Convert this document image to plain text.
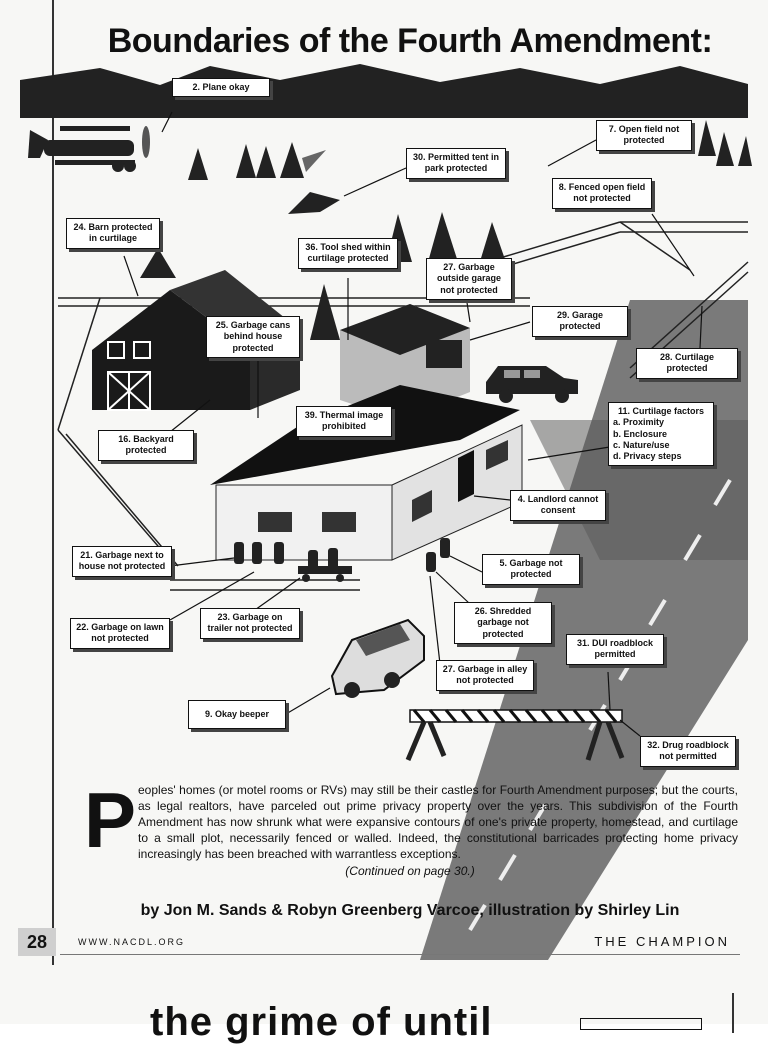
Boundaries of the Fourth Amendment:
2. Plane okay
7. Open field not protected
30. Permitted tent in park protected
8. Fenced open field not protected
24. Barn protected in curtilage
36. Tool shed within curtilage protected
27. Garbage outside garage not protected
29. Garage protected
25. Garbage cans behind house protected
28. Curtilage protected
39. Thermal image prohibited
11. Curtilage factors
a. Proximity
b. Enclosure
c. Nature/use
d. Privacy steps
16. Backyard protected
4. Landlord cannot consent
21. Garbage next to house not protected	5. Garbage not protected
22. Garbage on lawn not protected
23. Garbage on trailer not protected
26. Shredded garbage not protected
31. DUI roadblock permitted
27. Garbage in alley not protected
9. Okay beeper
32. Drug roadblock not permitted
P eoples' homes (or motel rooms or RVs) may still be their castles for Fourth Amendment purposes; but the courts, as legal realtors, have parceled out prime privacy property over the years. This subdivision of the Fourth Amendment has now shrunk what were expansive contours of one's private property, homestead, and curtilage to a small plot, necessarily fenced or walled. Indeed, the constitutional barricades protecting home privacy increasingly has been breached with warrantless exceptions.
(Continued on page 30.)
by Jon M. Sands & Robyn Greenberg Varcoe, illustration by Shirley Lin
28	WWW.NACDL.ORG	THE CHAMPION
the grime of until
